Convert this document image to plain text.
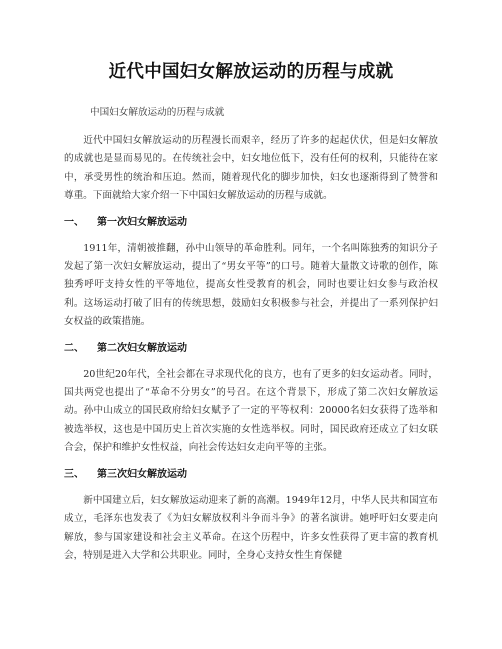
近代中国妇女解放运动的历程与成就
中国妇女解放运动的历程与成就

近代中国妇女解放运动的历程漫长而艰辛，经历了许多的起起伏伏，但是妇女解放的成就也是显而易见的。在传统社会中，妇女地位低下，没有任何的权利，只能待在家中，承受男性的统治和压迫。然而，随着现代化的脚步加快，妇女也逐渐得到了赞誉和尊重。下面就给大家介绍一下中国妇女解放运动的历程与成就。

一、 第一次妇女解放运动

1911年，清朝被推翻，孙中山领导的革命胜利。同年，一个名叫陈独秀的知识分子发起了第一次妇女解放运动，提出了“男女平等”的口号。随着大量散文诗歌的创作，陈独秀呼吁支持女性的平等地位，提高女性受教育的机会，同时也要让妇女参与政治权利。这场运动打破了旧有的传统思想，鼓励妇女积极参与社会，并提出了一系列保护妇女权益的政策措施。

二、 第二次妇女解放运动

20世纪20年代，全社会都在寻求现代化的良方，也有了更多的妇女运动者。同时，国共两党也提出了“革命不分男女”的号召。在这个背景下，形成了第二次妇女解放运动。孙中山成立的国民政府给妇女赋予了一定的平等权利：20000名妇女获得了选举和被选举权，这也是中国历史上首次实施的女性选举权。同时，国民政府还成立了妇女联合会，保护和维护女性权益，向社会传达妇女走向平等的主张。

三、 第三次妇女解放运动

新中国建立后，妇女解放运动迎来了新的高潮。1949年12月，中华人民共和国宣布成立，毛泽东也发表了《为妇女解放权利斗争而斗争》的著名演讲。她呼吁妇女要走向解放，参与国家建设和社会主义革命。在这个历程中，许多女性获得了更丰富的教育机会，特别是进入大学和公共职业。同时，全身心支持女性生育保健
